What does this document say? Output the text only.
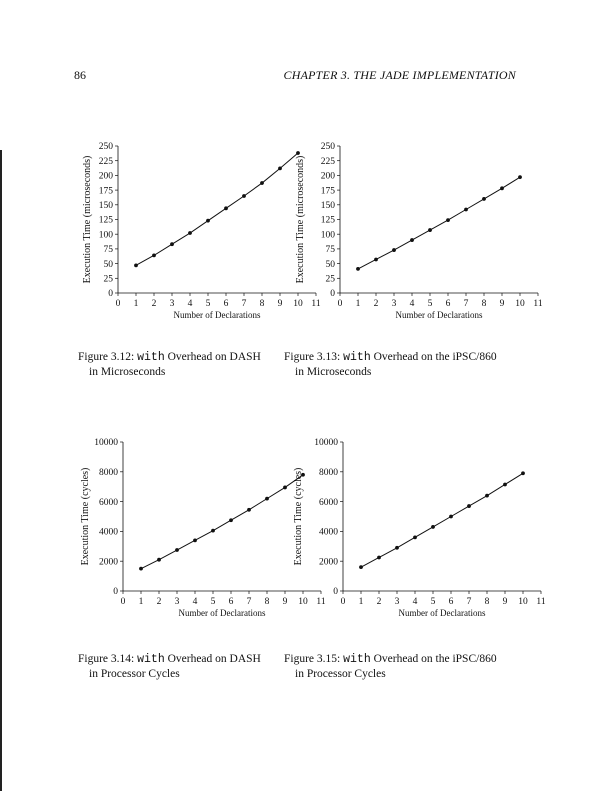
86	CHAPTER 3. THE JADE IMPLEMENTATION
0
25
50
75
100
125
150
175
200
225
250
0 1 2 3 4 5 6 7 8 9 10 11
Number of Declarations
Execution Time (microseconds)
0
25
50
75
100
125
150
175
200
225
250
0 1 2 3 4 5 6 7 8 9 10 11
Number of Declarations
Execution Time (microseconds)
0
2000
4000
6000
8000
10000
0 1 2 3 4 5 6 7 8 9 10 11
Number of Declarations
Execution Time (cycles)
0
2000
4000
6000
8000
10000
0 1 2 3 4 5 6 7 8 9 10 11
Number of Declarations
Execution Time (cycles)
Figure 3.12: with Overhead on DASH
in Microseconds
Figure 3.13: with Overhead on the iPSC/860
in Microseconds
Figure 3.14: with Overhead on DASH
in Processor Cycles
Figure 3.15: with Overhead on the iPSC/860
in Processor Cycles
